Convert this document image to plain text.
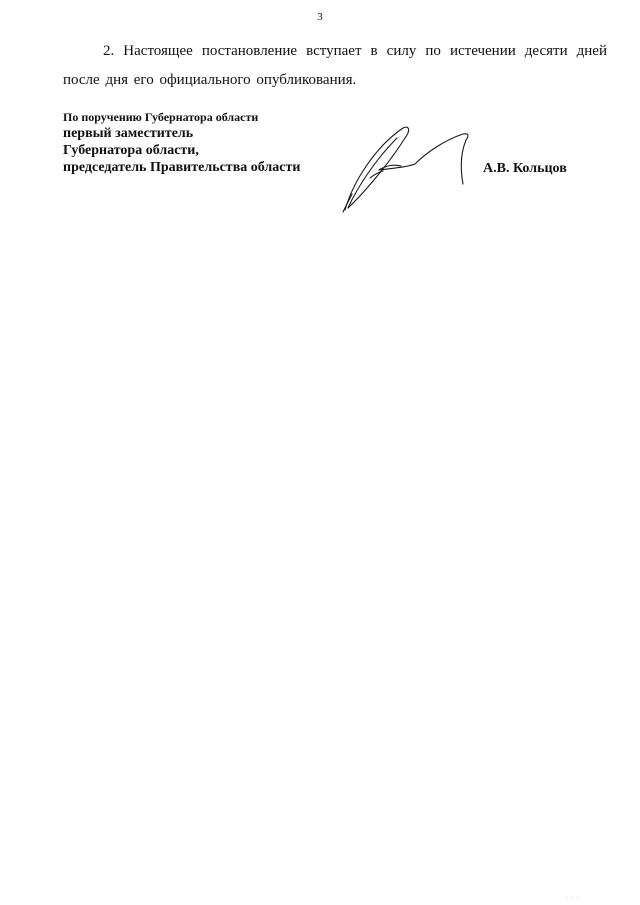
3

2. Настоящее постановление вступает в силу по истечении десяти дней после дня его официального опубликования.

По поручению Губернатора области
первый заместитель
Губернатора области,
председатель Правительства области	А.В. Кольцов
. . .
